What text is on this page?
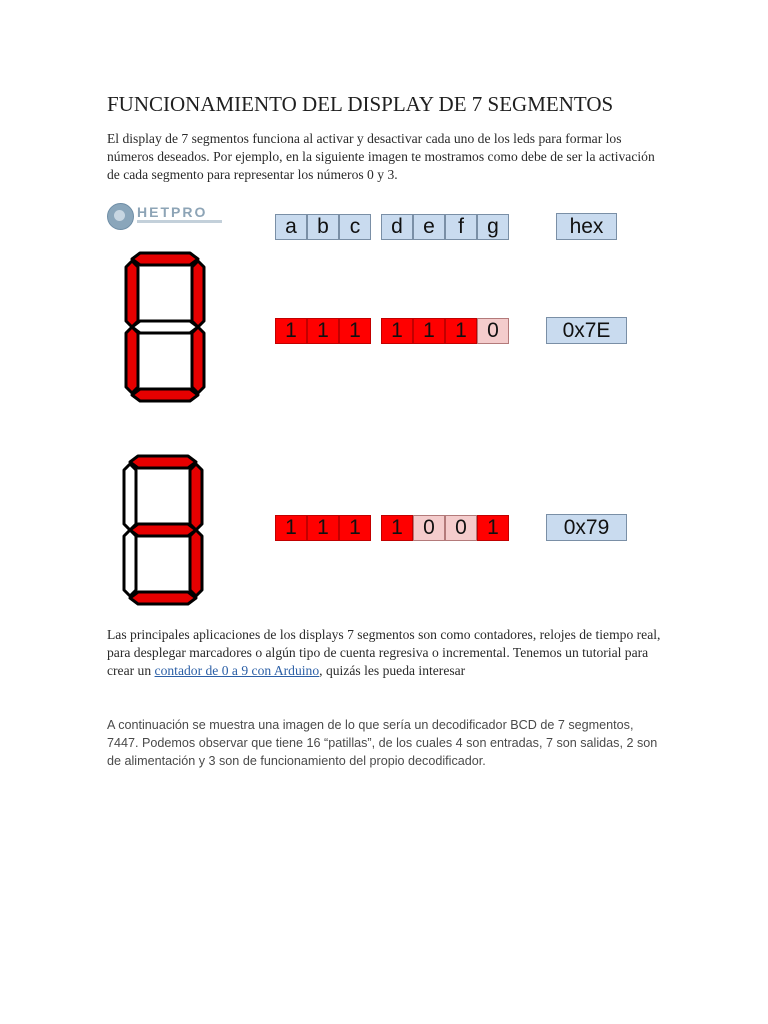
FUNCIONAMIENTO DEL DISPLAY DE 7 SEGMENTOS
El display de 7 segmentos funciona al activar y desactivar cada uno de los leds para formar los números deseados. Por ejemplo, en la siguiente imagen te mostramos como debe de ser la activación de cada segmento para representar los números 0 y 3.
HETPRO
a b c	d e	f	g	hex
1 1 1	1 1 1 0	0x7E
1 1 1	1 0 0 1	0x79
Las principales aplicaciones de los displays 7 segmentos son como contadores, relojes de tiempo real, para desplegar marcadores o algún tipo de cuenta regresiva o incremental. Tenemos un tutorial para crear un contador de 0 a 9 con Arduino, quizás les pueda interesar
A continuación se muestra una imagen de lo que sería un decodificador BCD de 7 segmentos, 7447. Podemos observar que tiene 16 “patillas”, de los cuales 4 son entradas, 7 son salidas, 2 son de alimentación y 3 son de funcionamiento del propio decodificador.
